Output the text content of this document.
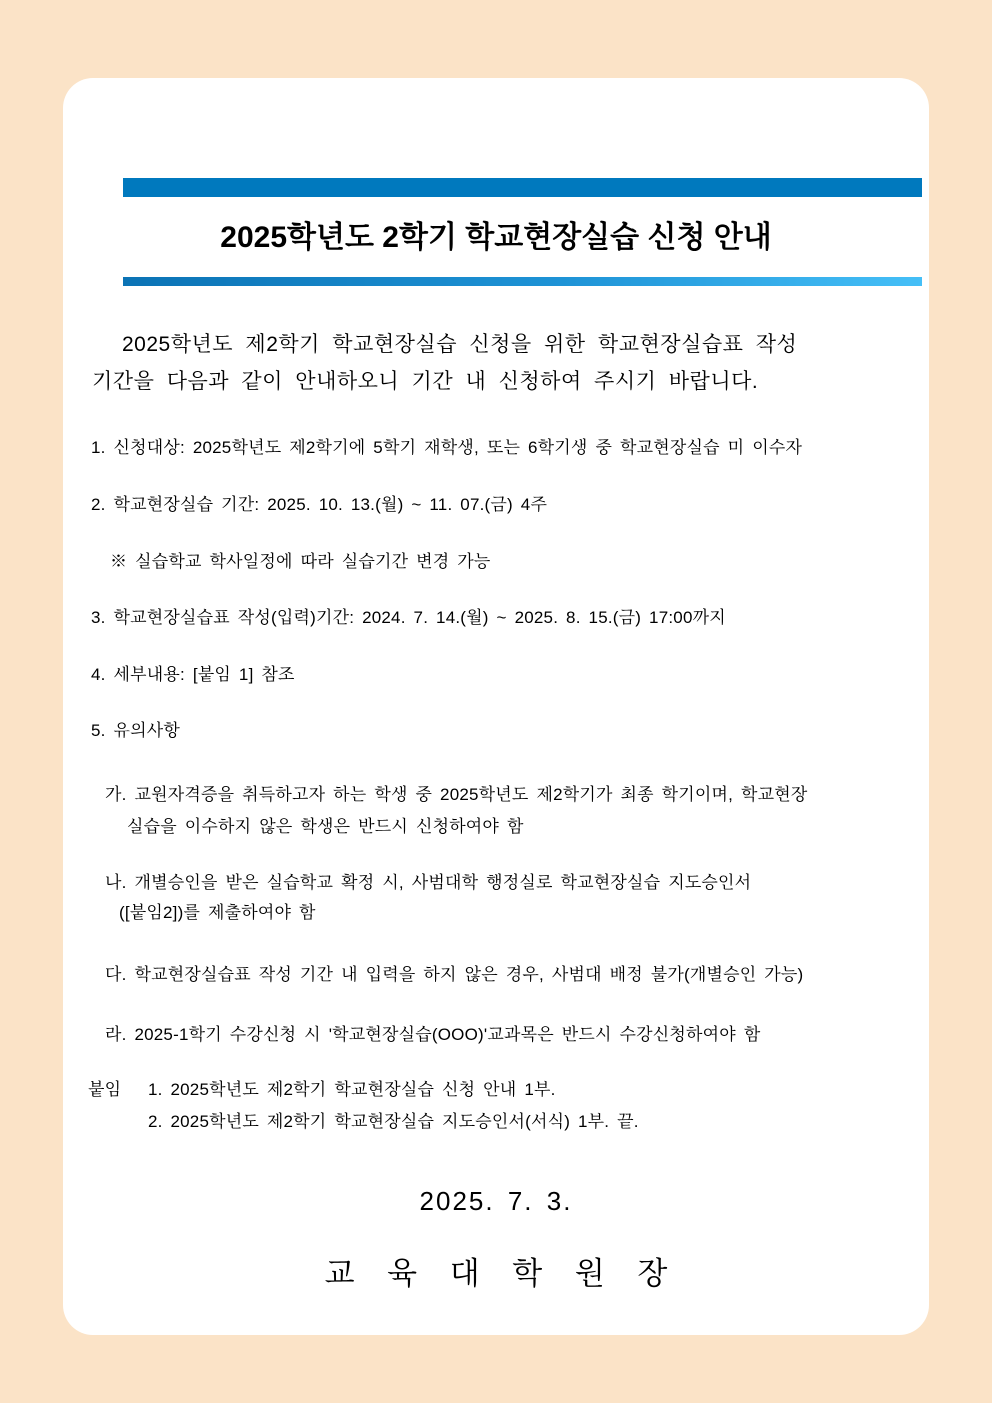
2025학년도 2학기 학교현장실습 신청 안내
2025학년도 제2학기 학교현장실습 신청을 위한 학교현장실습표 작성
기간을 다음과 같이 안내하오니 기간 내 신청하여 주시기 바랍니다.
1. 신청대상: 2025학년도 제2학기에 5학기 재학생, 또는 6학기생 중 학교현장실습 미 이수자
2. 학교현장실습 기간: 2025. 10. 13.(월) ~ 11. 07.(금) 4주
※ 실습학교 학사일정에 따라 실습기간 변경 가능
3. 학교현장실습표 작성(입력)기간: 2024. 7. 14.(월) ~ 2025. 8. 15.(금) 17:00까지
4. 세부내용: [붙임 1] 참조
5. 유의사항
가. 교원자격증을 취득하고자 하는 학생 중 2025학년도 제2학기가 최종 학기이며, 학교현장
실습을 이수하지 않은 학생은 반드시 신청하여야 함
나. 개별승인을 받은 실습학교 확정 시, 사범대학 행정실로 학교현장실습 지도승인서
([붙임2])를 제출하여야 함
다. 학교현장실습표 작성 기간 내 입력을 하지 않은 경우, 사범대 배정 불가(개별승인 가능)
라. 2025-1학기 수강신청 시 '학교현장실습(OOO)'교과목은 반드시 수강신청하여야 함
붙임 1. 2025학년도 제2학기 학교현장실습 신청 안내 1부.
2. 2025학년도 제2학기 학교현장실습 지도승인서(서식) 1부. 끝.
2025. 7. 3.
교 육 대 학 원 장
